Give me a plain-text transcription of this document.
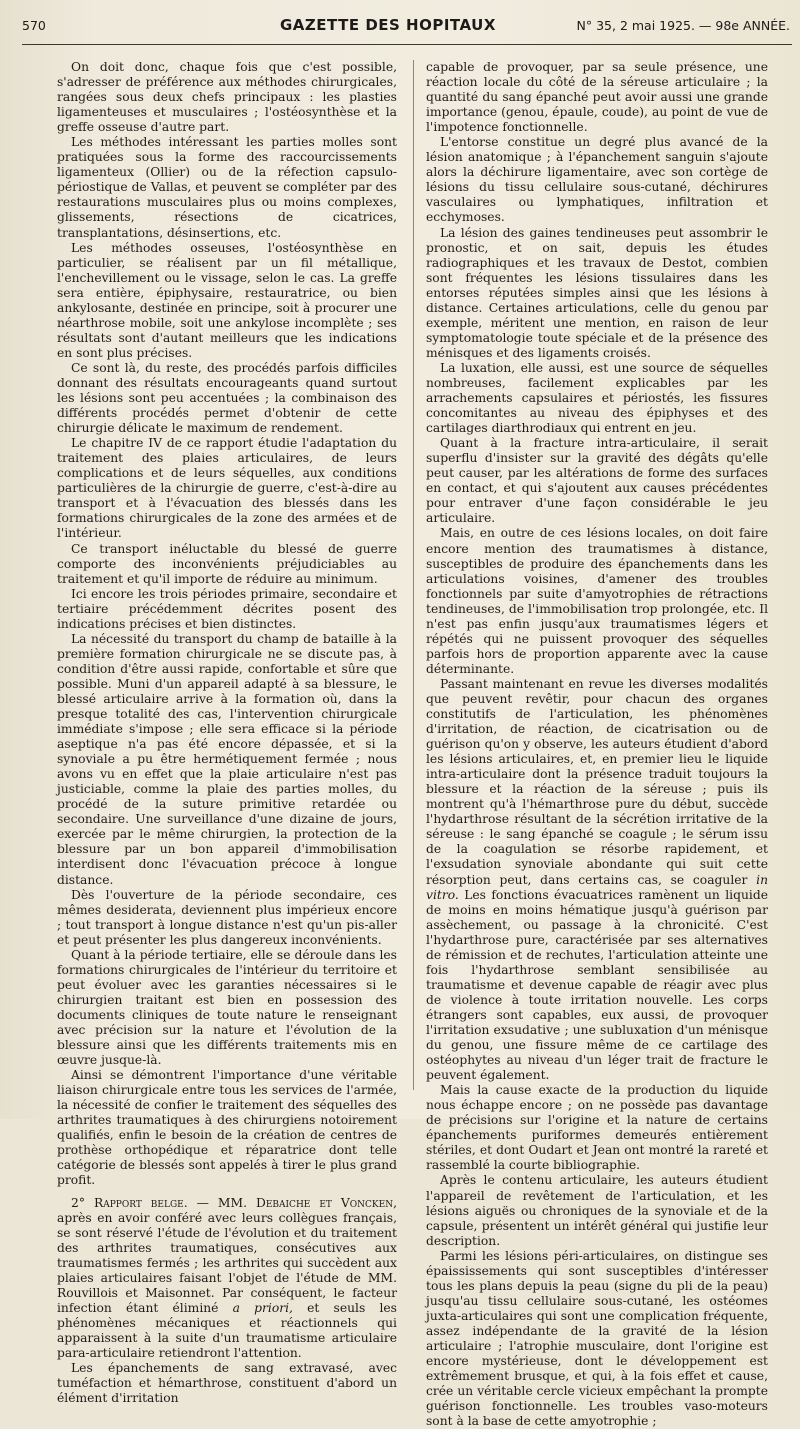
570	GAZETTE DES HOPITAUX	N° 35, 2 mai 1925. — 98e ANNÉE.

On doit donc, chaque fois que c'est possible, s'adresser de préférence aux méthodes chirurgicales, rangées sous deux chefs principaux : les plasties ligamenteuses et musculaires ; l'ostéosynthèse et la greffe osseuse d'autre part.

Les méthodes intéressant les parties molles sont pratiquées sous la forme des raccourcissements ligamenteux (Ollier) ou de la réfection capsulo-périostique de Vallas, et peuvent se compléter par des restaurations musculaires plus ou moins complexes, glissements, résections de cicatrices, transplantations, désinsertions, etc.

Les méthodes osseuses, l'ostéosynthèse en particulier, se réalisent par un fil métallique, l'enchevillement ou le vissage, selon le cas. La greffe sera entière, épiphysaire, restauratrice, ou bien ankylosante, destinée en principe, soit à procurer une néarthrose mobile, soit une ankylose incomplète ; ses résultats sont d'autant meilleurs que les indications en sont plus précises.

Ce sont là, du reste, des procédés parfois difficiles donnant des résultats encourageants quand surtout les lésions sont peu accentuées ; la combinaison des différents procédés permet d'obtenir de cette chirurgie délicate le maximum de rendement.

Le chapitre IV de ce rapport étudie l'adaptation du traitement des plaies articulaires, de leurs complications et de leurs séquelles, aux conditions particulières de la chirurgie de guerre, c'est-à-dire au transport et à l'évacuation des blessés dans les formations chirurgicales de la zone des armées et de l'intérieur.

Ce transport inéluctable du blessé de guerre comporte des inconvénients préjudiciables au traitement et qu'il importe de réduire au minimum.

Ici encore les trois périodes primaire, secondaire et tertiaire précédemment décrites posent des indications précises et bien distinctes.

La nécessité du transport du champ de bataille à la première formation chirurgicale ne se discute pas, à condition d'être aussi rapide, confortable et sûre que possible. Muni d'un appareil adapté à sa blessure, le blessé articulaire arrive à la formation où, dans la presque totalité des cas, l'intervention chirurgicale immédiate s'impose ; elle sera efficace si la période aseptique n'a pas été encore dépassée, et si la synoviale a pu être hermétiquement fermée ; nous avons vu en effet que la plaie articulaire n'est pas justiciable, comme la plaie des parties molles, du procédé de la suture primitive retardée ou secondaire. Une surveillance d'une dizaine de jours, exercée par le même chirurgien, la protection de la blessure par un bon appareil d'immobilisation interdisent donc l'évacuation précoce à longue distance.

Dès l'ouverture de la période secondaire, ces mêmes desiderata, deviennent plus impérieux encore ; tout transport à longue distance n'est qu'un pis-aller et peut présenter les plus dangereux inconvénients.

Quant à la période tertiaire, elle se déroule dans les formations chirurgicales de l'intérieur du territoire et peut évoluer avec les garanties nécessaires si le chirurgien traitant est bien en possession des documents cliniques de toute nature le renseignant avec précision sur la nature et l'évolution de la blessure ainsi que les différents traitements mis en œuvre jusque-là.

Ainsi se démontrent l'importance d'une véritable liaison chirurgicale entre tous les services de l'armée, la nécessité de confier le traitement des séquelles des arthrites traumatiques à des chirurgiens notoirement qualifiés, enfin le besoin de la création de centres de prothèse orthopédique et réparatrice dont telle catégorie de blessés sont appelés à tirer le plus grand profit.

2° Rapport belge. — MM. Debaiche et Voncken, après en avoir conféré avec leurs collègues français, se sont réservé l'étude de l'évolution et du traitement des arthrites traumatiques, consécutives aux traumatismes fermés ; les arthrites qui succèdent aux plaies articulaires faisant l'objet de l'étude de MM. Rouvillois et Maisonnet. Par conséquent, le facteur infection étant éliminé a priori, et seuls les phénomènes mécaniques et réactionnels qui apparaissent à la suite d'un traumatisme articulaire para-articulaire retiendront l'attention.

Les épanchements de sang extravasé, avec tuméfaction et hémarthrose, constituent d'abord un élément d'irritation

capable de provoquer, par sa seule présence, une réaction locale du côté de la séreuse articulaire ; la quantité du sang épanché peut avoir aussi une grande importance (genou, épaule, coude), au point de vue de l'impotence fonctionnelle.

L'entorse constitue un degré plus avancé de la lésion anatomique ; à l'épanchement sanguin s'ajoute alors la déchirure ligamentaire, avec son cortège de lésions du tissu cellulaire sous-cutané, déchirures vasculaires ou lymphatiques, infiltration et ecchymoses.

La lésion des gaines tendineuses peut assombrir le pronostic, et on sait, depuis les études radiographiques et les travaux de Destot, combien sont fréquentes les lésions tissulaires dans les entorses réputées simples ainsi que les lésions à distance. Certaines articulations, celle du genou par exemple, méritent une mention, en raison de leur symptomatologie toute spéciale et de la présence des ménisques et des ligaments croisés.

La luxation, elle aussi, est une source de séquelles nombreuses, facilement explicables par les arrachements capsulaires et périostés, les fissures concomitantes au niveau des épiphyses et des cartilages diarthrodiaux qui entrent en jeu.

Quant à la fracture intra-articulaire, il serait superflu d'insister sur la gravité des dégâts qu'elle peut causer, par les altérations de forme des surfaces en contact, et qui s'ajoutent aux causes précédentes pour entraver d'une façon considérable le jeu articulaire.

Mais, en outre de ces lésions locales, on doit faire encore mention des traumatismes à distance, susceptibles de produire des épanchements dans les articulations voisines, d'amener des troubles fonctionnels par suite d'amyotrophies de rétractions tendineuses, de l'immobilisation trop prolongée, etc. Il n'est pas enfin jusqu'aux traumatismes légers et répétés qui ne puissent provoquer des séquelles parfois hors de proportion apparente avec la cause déterminante.

Passant maintenant en revue les diverses modalités que peuvent revêtir, pour chacun des organes constitutifs de l'articulation, les phénomènes d'irritation, de réaction, de cicatrisation ou de guérison qu'on y observe, les auteurs étudient d'abord les lésions articulaires, et, en premier lieu le liquide intra-articulaire dont la présence traduit toujours la blessure et la réaction de la séreuse ; puis ils montrent qu'à l'hémarthrose pure du début, succède l'hydarthrose résultant de la sécrétion irritative de la séreuse : le sang épanché se coagule ; le sérum issu de la coagulation se résorbe rapidement, et l'exsudation synoviale abondante qui suit cette résorption peut, dans certains cas, se coaguler in vitro. Les fonctions évacuatrices ramènent un liquide de moins en moins hématique jusqu'à guérison par assèchement, ou passage à la chronicité. C'est l'hydarthrose pure, caractérisée par ses alternatives de rémission et de rechutes, l'articulation atteinte une fois l'hydarthrose semblant sensibilisée au traumatisme et devenue capable de réagir avec plus de violence à toute irritation nouvelle. Les corps étrangers sont capables, eux aussi, de provoquer l'irritation exsudative ; une subluxation d'un ménisque du genou, une fissure même de ce cartilage des ostéophytes au niveau d'un léger trait de fracture le peuvent également.

Mais la cause exacte de la production du liquide nous échappe encore ; on ne possède pas davantage de précisions sur l'origine et la nature de certains épanchements puriformes demeurés entièrement stériles, et dont Oudart et Jean ont montré la rareté et rassemblé la courte bibliographie.

Après le contenu articulaire, les auteurs étudient l'appareil de revêtement de l'articulation, et les lésions aiguës ou chroniques de la synoviale et de la capsule, présentent un intérêt général qui justifie leur description.

Parmi les lésions péri-articulaires, on distingue ses épaississements qui sont susceptibles d'intéresser tous les plans depuis la peau (signe du pli de la peau) jusqu'au tissu cellulaire sous-cutané, les ostéomes juxta-articulaires qui sont une complication fréquente, assez indépendante de la gravité de la lésion articulaire ; l'atrophie musculaire, dont l'origine est encore mystérieuse, dont le développement est extrêmement brusque, et qui, à la fois effet et cause, crée un véritable cercle vicieux empêchant la prompte guérison fonctionnelle. Les troubles vaso-moteurs sont à la base de cette amyotrophie ;
